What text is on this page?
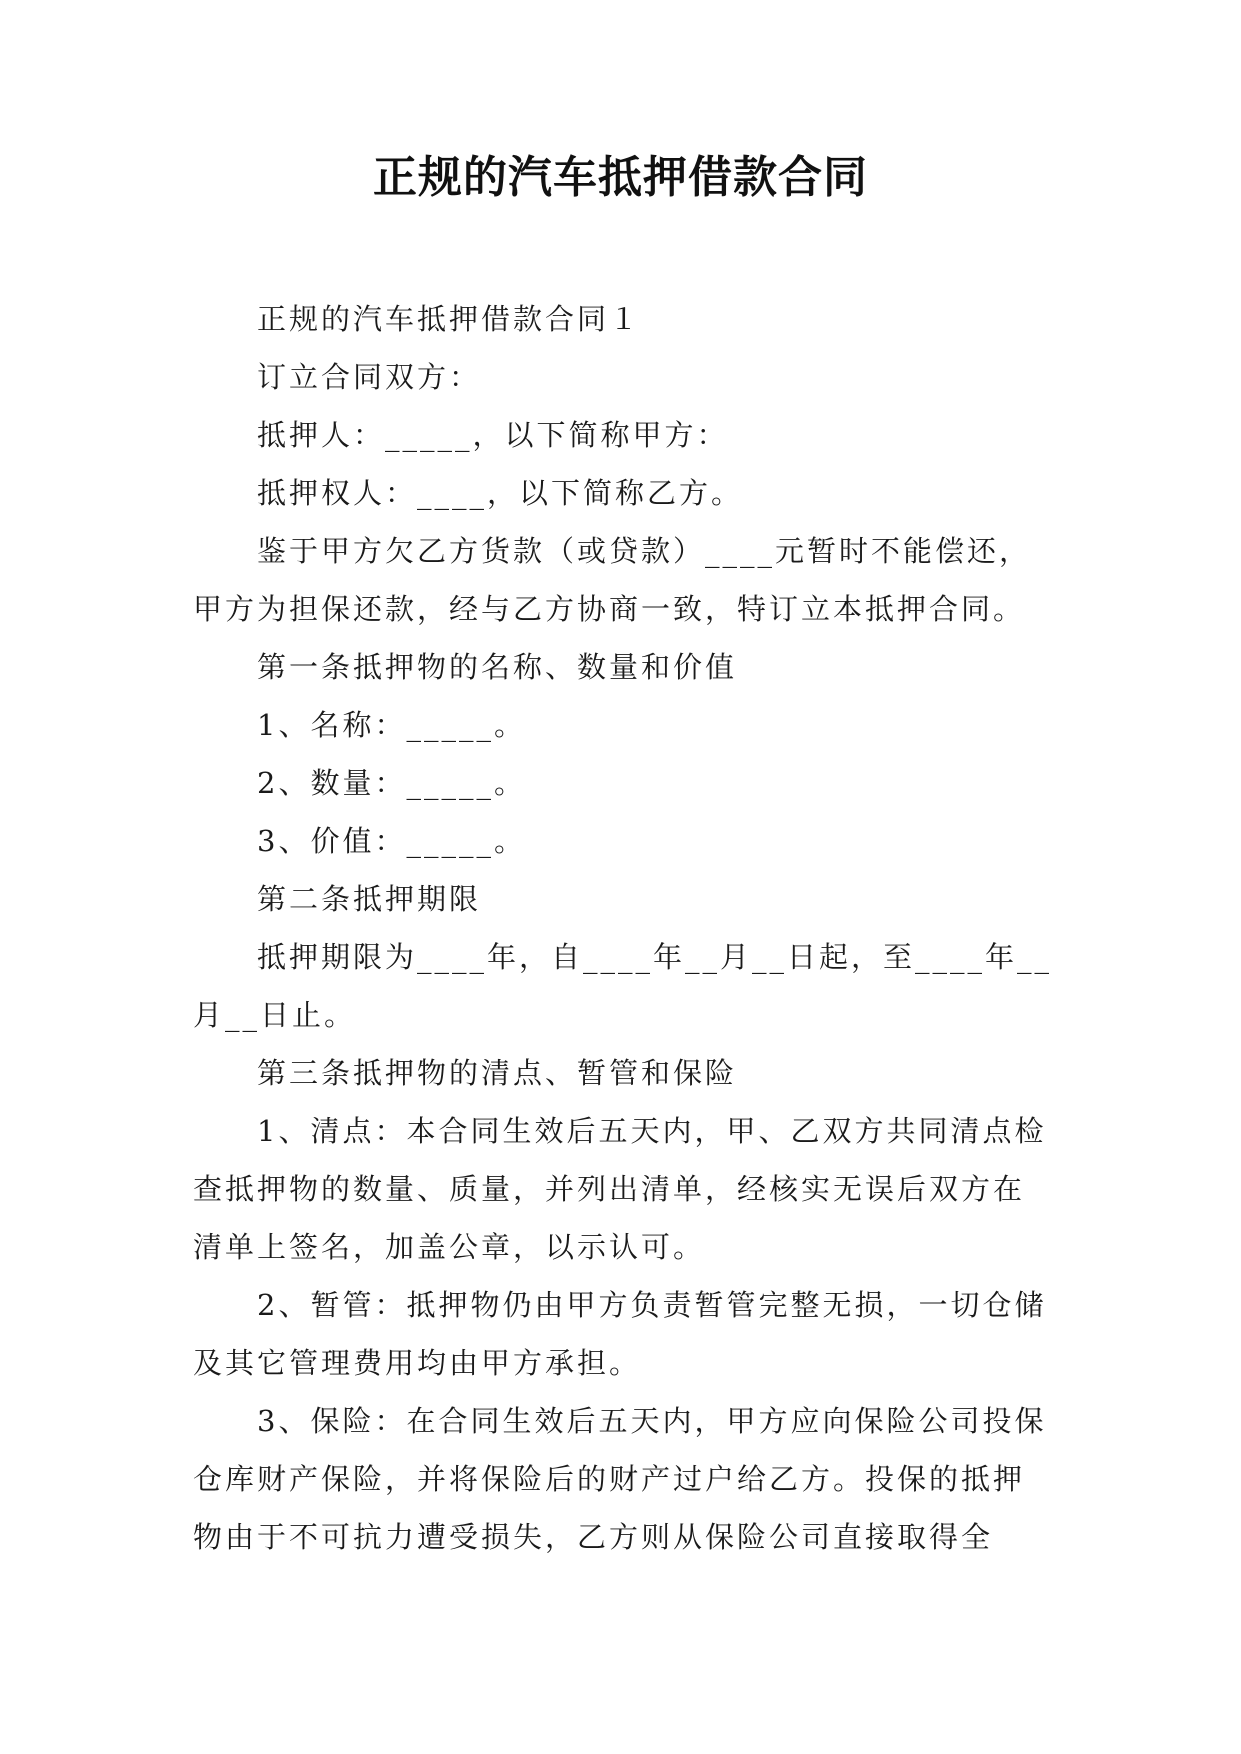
正规的汽车抵押借款合同

正规的汽车抵押借款合同１

订立合同双方：

抵押人：_____，以下简称甲方：

抵押权人：____，以下简称乙方。

鉴于甲方欠乙方货款（或贷款）____元暂时不能偿还，甲方为担保还款，经与乙方协商一致，特订立本抵押合同。

第一条抵押物的名称、数量和价值

1、名称：_____。

2、数量：_____。

3、价值：_____。

第二条抵押期限

抵押期限为____年，自____年__月__日起，至____年__月__日止。

第三条抵押物的清点、暂管和保险

1、清点：本合同生效后五天内，甲、乙双方共同清点检查抵押物的数量、质量，并列出清单，经核实无误后双方在清单上签名，加盖公章，以示认可。

2、暂管：抵押物仍由甲方负责暂管完整无损，一切仓储及其它管理费用均由甲方承担。

3、保险：在合同生效后五天内，甲方应向保险公司投保仓库财产保险，并将保险后的财产过户给乙方。投保的抵押物由于不可抗力遭受损失，乙方则从保险公司直接取得全
